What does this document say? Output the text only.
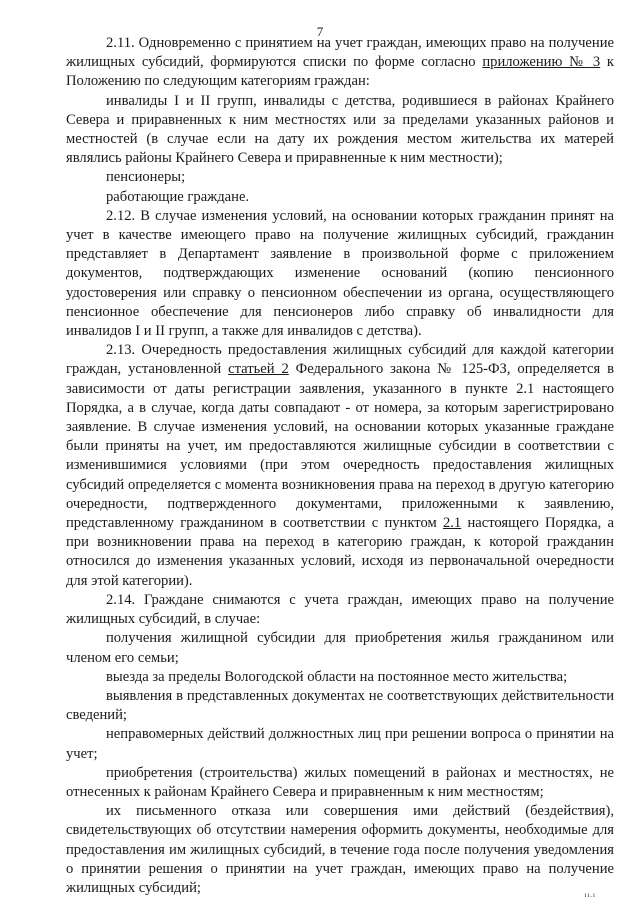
7

2.11. Одновременно с принятием на учет граждан, имеющих право на получение жилищных субсидий, формируются списки по форме согласно приложению № 3 к Положению по следующим категориям граждан:

инвалиды I и II групп, инвалиды с детства, родившиеся в районах Крайнего Севера и приравненных к ним местностях или за пределами указанных районов и местностей (в случае если на дату их рождения местом жительства их матерей являлись районы Крайнего Севера и приравненные к ним местности);

пенсионеры;

работающие граждане.

2.12. В случае изменения условий, на основании которых гражданин принят на учет в качестве имеющего право на получение жилищных субсидий, гражданин представляет в Департамент заявление в произвольной форме с приложением документов, подтверждающих изменение оснований (копию пенсионного удостоверения или справку о пенсионном обеспечении из органа, осуществляющего пенсионное обеспечение для пенсионеров либо справку об инвалидности для инвалидов I и II групп, а также для инвалидов с детства).

2.13. Очередность предоставления жилищных субсидий для каждой категории граждан, установленной статьей 2 Федерального закона № 125-ФЗ, определяется в зависимости от даты регистрации заявления, указанного в пункте 2.1 настоящего Порядка, а в случае, когда даты совпадают - от номера, за которым зарегистрировано заявление. В случае изменения условий, на основании которых указанные граждане были приняты на учет, им предоставляются жилищные субсидии в соответствии с изменившимися условиями (при этом очередность предоставления жилищных субсидий определяется с момента возникновения права на переход в другую категорию очередности, подтвержденного документами, приложенными к заявлению, представленному гражданином в соответствии с пунктом 2.1 настоящего Порядка, а при возникновении права на переход в категорию граждан, к которой гражданин относился до изменения указанных условий, исходя из первоначальной очередности для этой категории).

2.14. Граждане снимаются с учета граждан, имеющих право на получение жилищных субсидий, в случае:

получения жилищной субсидии для приобретения жилья гражданином или членом его семьи;

выезда за пределы Вологодской области на постоянное место жительства;

выявления в представленных документах не соответствующих действительности сведений;

неправомерных действий должностных лиц при решении вопроса о принятии на учет;

приобретения (строительства) жилых помещений в районах и местностях, не отнесенных к районам Крайнего Севера и приравненным к ним местностям;

их письменного отказа или совершения ими действий (бездействия), свидетельствующих об отсутствии намерения оформить документы, необходимые для предоставления им жилищных субсидий, в течение года после получения уведомления о принятии решения о принятии на учет граждан, имеющих право на получение жилищных субсидий;	ıı.ı
